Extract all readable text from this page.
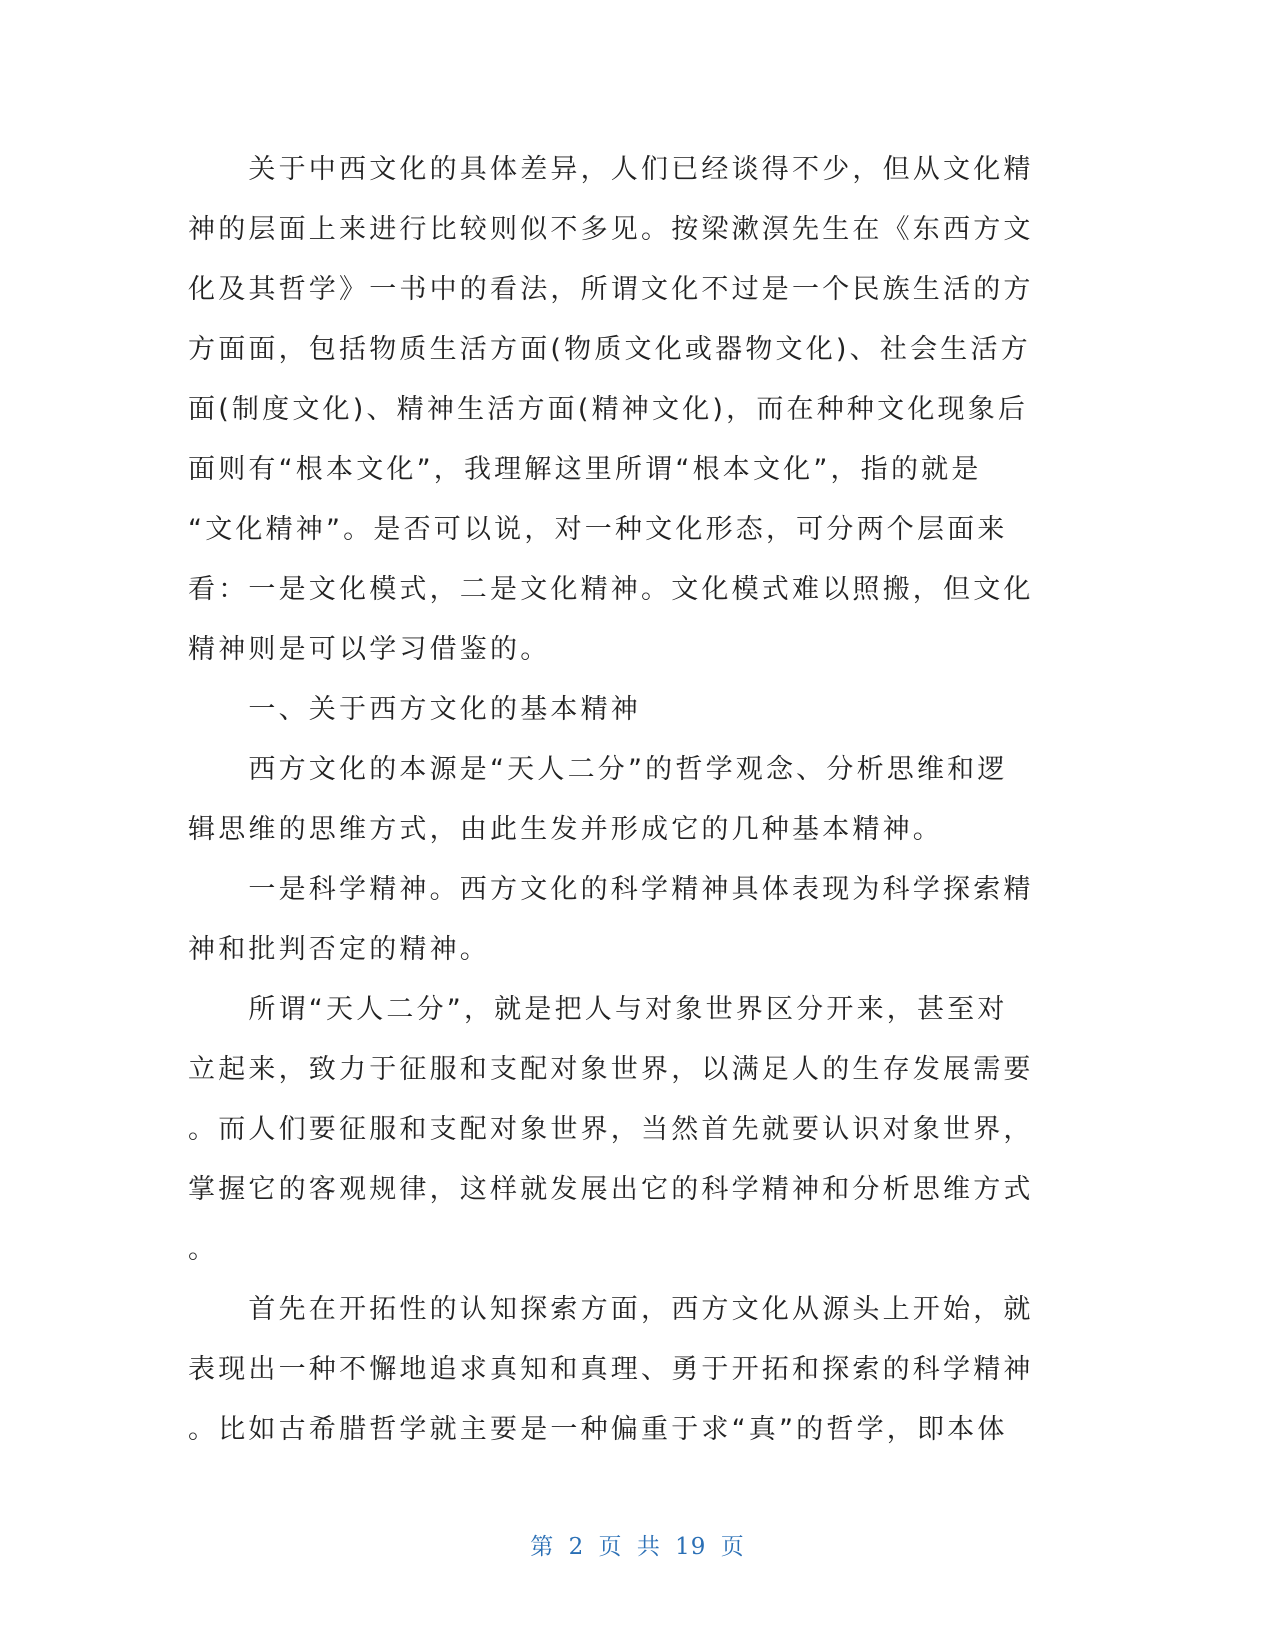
　　关于中西文化的具体差异，人们已经谈得不少，但从文化精
神的层面上来进行比较则似不多见。按梁漱溟先生在《东西方文
化及其哲学》一书中的看法，所谓文化不过是一个民族生活的方
方面面，包括物质生活方面(物质文化或器物文化)、社会生活方
面(制度文化)、精神生活方面(精神文化)，而在种种文化现象后
面则有“根本文化”，我理解这里所谓“根本文化”，指的就是
“文化精神”。是否可以说，对一种文化形态，可分两个层面来
看：一是文化模式，二是文化精神。文化模式难以照搬，但文化
精神则是可以学习借鉴的。
　　一、关于西方文化的基本精神
　　西方文化的本源是“天人二分”的哲学观念、分析思维和逻
辑思维的思维方式，由此生发并形成它的几种基本精神。
　　一是科学精神。西方文化的科学精神具体表现为科学探索精
神和批判否定的精神。
　　所谓“天人二分”，就是把人与对象世界区分开来，甚至对
立起来，致力于征服和支配对象世界，以满足人的生存发展需要
。而人们要征服和支配对象世界，当然首先就要认识对象世界，
掌握它的客观规律，这样就发展出它的科学精神和分析思维方式
。
　　首先在开拓性的认知探索方面，西方文化从源头上开始，就
表现出一种不懈地追求真知和真理、勇于开拓和探索的科学精神
。比如古希腊哲学就主要是一种偏重于求“真”的哲学，即本体
第 2 页 共 19 页
